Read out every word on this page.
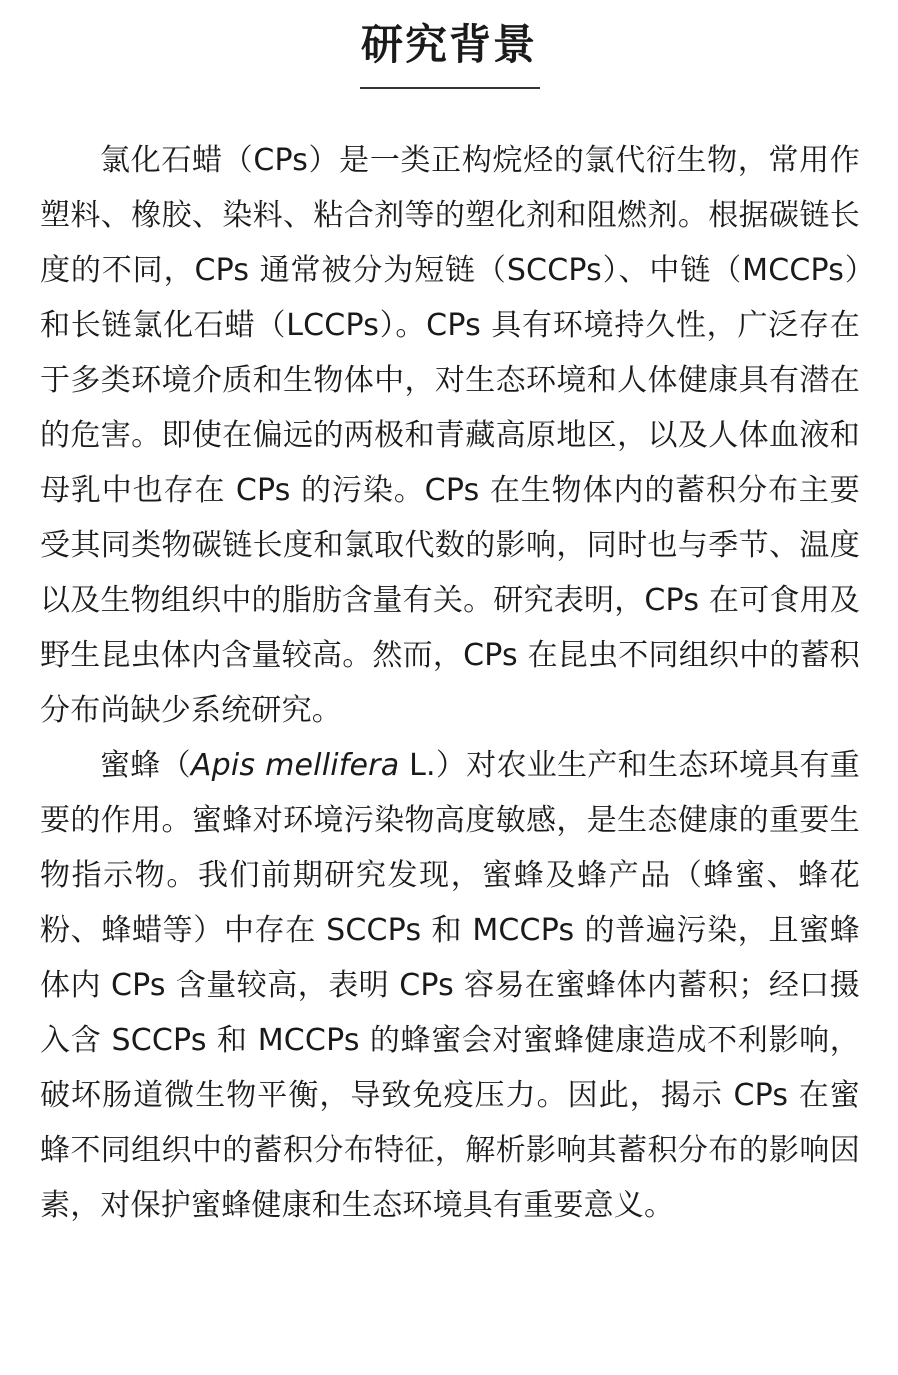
研究背景

氯化石蜡（CPs）是一类正构烷烃的氯代衍生物，常用作塑料、橡胶、染料、粘合剂等的塑化剂和阻燃剂。根据碳链长度的不同，CPs 通常被分为短链（SCCPs）、中链（MCCPs）和长链氯化石蜡（LCCPs）。CPs 具有环境持久性，广泛存在于多类环境介质和生物体中，对生态环境和人体健康具有潜在的危害。即使在偏远的两极和青藏高原地区，以及人体血液和母乳中也存在 CPs 的污染。CPs 在生物体内的蓄积分布主要受其同类物碳链长度和氯取代数的影响，同时也与季节、温度以及生物组织中的脂肪含量有关。研究表明，CPs 在可食用及野生昆虫体内含量较高。然而，CPs 在昆虫不同组织中的蓄积分布尚缺少系统研究。

蜜蜂（Apis mellifera L.）对农业生产和生态环境具有重要的作用。蜜蜂对环境污染物高度敏感，是生态健康的重要生物指示物。我们前期研究发现，蜜蜂及蜂产品（蜂蜜、蜂花粉、蜂蜡等）中存在 SCCPs 和 MCCPs 的普遍污染，且蜜蜂体内 CPs 含量较高，表明 CPs 容易在蜜蜂体内蓄积；经口摄入含 SCCPs 和 MCCPs 的蜂蜜会对蜜蜂健康造成不利影响，破坏肠道微生物平衡，导致免疫压力。因此，揭示 CPs 在蜜蜂不同组织中的蓄积分布特征，解析影响其蓄积分布的影响因素，对保护蜜蜂健康和生态环境具有重要意义。
